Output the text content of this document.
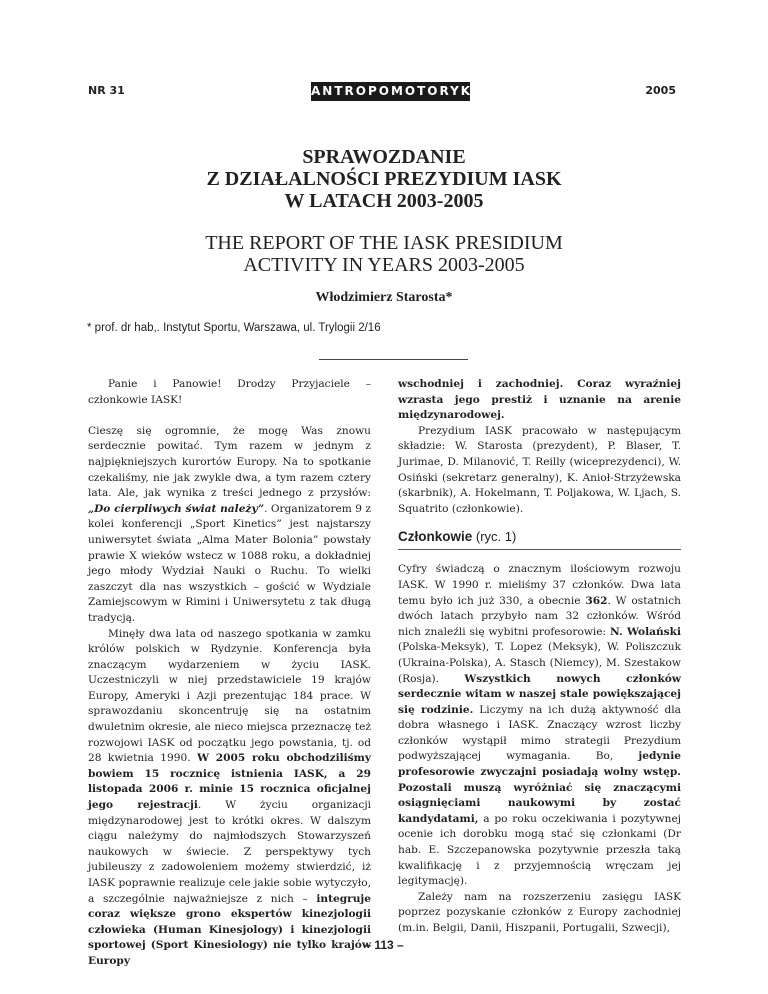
NR 31	ANTROPOMOTORYKA	2005
SPRAWOZDANIE
Z DZIAŁALNOŚCI PREZYDIUM IASK
W LATACH 2003-2005
THE REPORT OF THE IASK PRESIDIUM
ACTIVITY IN YEARS 2003-2005
Włodzimierz Starosta*
* prof. dr hab,. Instytut Sportu, Warszawa, ul. Trylogii 2/16

Panie i Panowie! Drodzy Przyjaciele – członkowie IASK!

Cieszę się ogromnie, że mogę Was znowu serdecznie powitać. Tym razem w jednym z najpiękniejszych kurortów Europy. Na to spotkanie czekaliśmy, nie jak zwykle dwa, a tym razem cztery lata. Ale, jak wynika z treści jednego z przysłów: „Do cierpliwych świat należy”. Organizatorem 9 z kolei konferencji „Sport Kinetics” jest najstarszy uniwersytet świata „Alma Mater Bolonia” powstały prawie X wieków wstecz w 1088 roku, a dokładniej jego młody Wydział Nauki o Ruchu. To wielki zaszczyt dla nas wszystkich – gościć w Wydziale Zamiejscowym w Rimini i Uniwersytetu z tak długą tradycją.

Minęły dwa lata od naszego spotkania w zamku królów polskich w Rydzynie. Konferencja była znaczącym wydarzeniem w życiu IASK. Uczestniczyli w niej przedstawiciele 19 krajów Europy, Ameryki i Azji prezentując 184 prace. W sprawozdaniu skoncentruję się na ostatnim dwuletnim okresie, ale nieco miejsca przeznaczę też rozwojowi IASK od początku jego powstania, tj. od 28 kwietnia 1990. W 2005 roku obchodziliśmy bowiem 15 rocznicę istnienia IASK, a 29 listopada 2006 r. minie 15 rocznica oficjalnej jego rejestracji. W życiu organizacji międzynarodowej jest to krótki okres. W dalszym ciągu należymy do najmłodszych Stowarzyszeń naukowych w świecie. Z perspektywy tych jubileuszy z zadowoleniem możemy stwierdzić, iż IASK poprawnie realizuje cele jakie sobie wytyczyło, a szczególnie najważniejsze z nich – integruje coraz większe grono ekspertów kinezjologii człowieka (Human Kinesjology) i kinezjologii sportowej (Sport Kinesiology) nie tylko krajów Europy

wschodniej i zachodniej. Coraz wyraźniej wzrasta jego prestiż i uznanie na arenie międzynarodowej.

Prezydium IASK pracowało w następującym składzie: W. Starosta (prezydent), P. Blaser, T. Jurimae, D. Milanović, T. Reilly (wiceprezydenci), W. Osiński (sekretarz generalny), K. Anioł-Strzyżewska (skarbnik), A. Hokelmann, T. Poljakowa, W. Ljach, S. Squatrito (członkowie).

Członkowie (ryc. 1)

Cyfry świadczą o znacznym ilościowym rozwoju IASK. W 1990 r. mieliśmy 37 członków. Dwa lata temu było ich już 330, a obecnie 362. W ostatnich dwóch latach przybyło nam 32 członków. Wśród nich znaleźli się wybitni profesorowie: N. Wolański (Polska-Meksyk), T. Lopez (Meksyk), W. Poliszczuk (Ukraina-Polska), A. Stasch (Niemcy), M. Szestakow (Rosja). Wszystkich nowych członków serdecznie witam w naszej stale powiększającej się rodzinie. Liczymy na ich dużą aktywność dla dobra własnego i IASK. Znaczący wzrost liczby członków wystąpił mimo strategii Prezydium podwyższającej wymagania. Bo, jedynie profesorowie zwyczajni posiadają wolny wstęp. Pozostali muszą wyróżniać się znaczącymi osiągnięciami naukowymi by zostać kandydatami, a po roku oczekiwania i pozytywnej ocenie ich dorobku mogą stać się członkami (Dr hab. E. Szczepanowska pozytywnie przeszła taką kwalifikację i z przyjemnością wręczam jej legitymację).

Zależy nam na rozszerzeniu zasięgu IASK poprzez pozyskanie członków z Europy zachodniej (m.in. Belgii, Danii, Hiszpanii, Portugalii, Szwecji),

– 113 –
